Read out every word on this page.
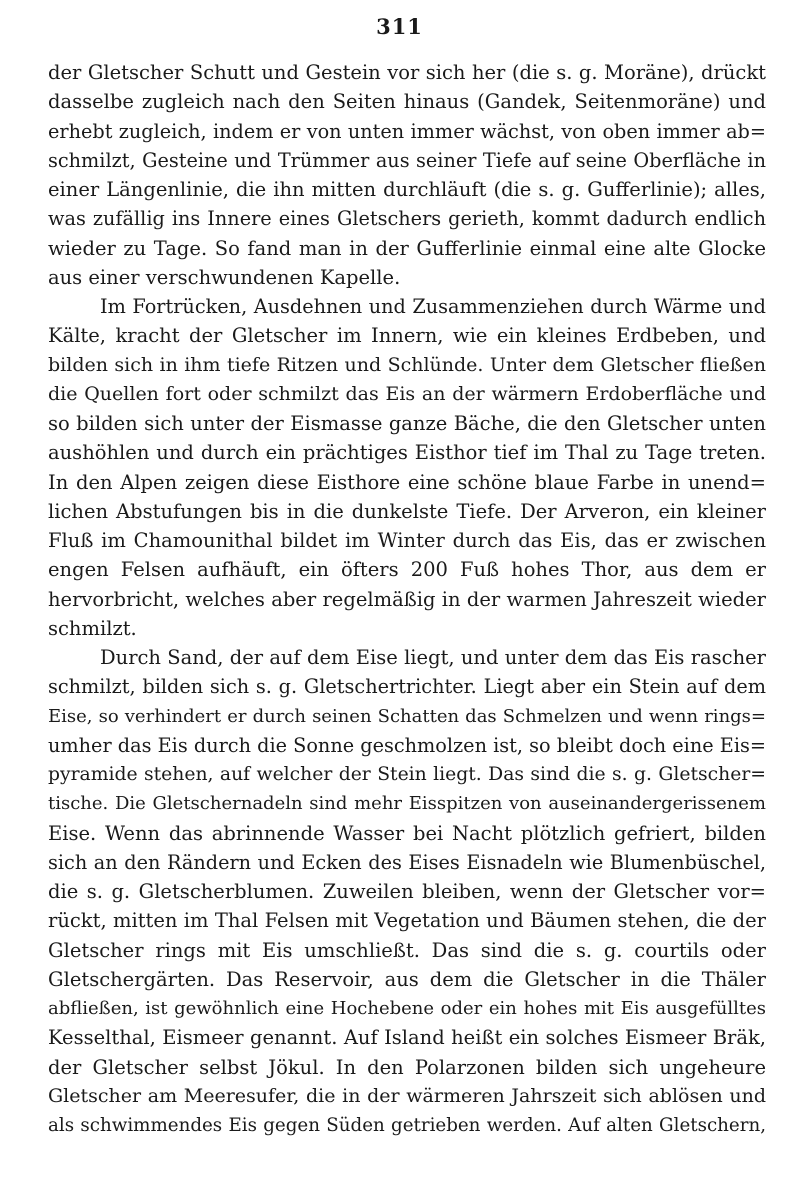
311
der Gletscher Schutt und Gestein vor sich her (die s. g. Moräne), drückt
dasselbe zugleich nach den Seiten hinaus (Gandek, Seitenmoräne) und
erhebt zugleich, indem er von unten immer wächst, von oben immer ab=
schmilzt, Gesteine und Trümmer aus seiner Tiefe auf seine Oberfläche in
einer Längenlinie, die ihn mitten durchläuft (die s. g. Gufferlinie); alles,
was zufällig ins Innere eines Gletschers gerieth, kommt dadurch endlich
wieder zu Tage. So fand man in der Gufferlinie einmal eine alte Glocke
aus einer verschwundenen Kapelle.
Im Fortrücken, Ausdehnen und Zusammenziehen durch Wärme und
Kälte, kracht der Gletscher im Innern, wie ein kleines Erdbeben, und
bilden sich in ihm tiefe Ritzen und Schlünde. Unter dem Gletscher fließen
die Quellen fort oder schmilzt das Eis an der wärmern Erdoberfläche und
so bilden sich unter der Eismasse ganze Bäche, die den Gletscher unten
aushöhlen und durch ein prächtiges Eisthor tief im Thal zu Tage treten.
In den Alpen zeigen diese Eisthore eine schöne blaue Farbe in unend=
lichen Abstufungen bis in die dunkelste Tiefe. Der Arveron, ein kleiner
Fluß im Chamounithal bildet im Winter durch das Eis, das er zwischen
engen Felsen aufhäuft, ein öfters 200 Fuß hohes Thor, aus dem er
hervorbricht, welches aber regelmäßig in der warmen Jahreszeit wieder
schmilzt.
Durch Sand, der auf dem Eise liegt, und unter dem das Eis rascher
schmilzt, bilden sich s. g. Gletschertrichter. Liegt aber ein Stein auf dem
Eise, so verhindert er durch seinen Schatten das Schmelzen und wenn rings=
umher das Eis durch die Sonne geschmolzen ist, so bleibt doch eine Eis=
pyramide stehen, auf welcher der Stein liegt. Das sind die s. g. Gletscher=
tische. Die Gletschernadeln sind mehr Eisspitzen von auseinandergerissenem
Eise. Wenn das abrinnende Wasser bei Nacht plötzlich gefriert, bilden
sich an den Rändern und Ecken des Eises Eisnadeln wie Blumenbüschel,
die s. g. Gletscherblumen. Zuweilen bleiben, wenn der Gletscher vor=
rückt, mitten im Thal Felsen mit Vegetation und Bäumen stehen, die der
Gletscher rings mit Eis umschließt. Das sind die s. g. courtils oder
Gletschergärten. Das Reservoir, aus dem die Gletscher in die Thäler
abfließen, ist gewöhnlich eine Hochebene oder ein hohes mit Eis ausgefülltes
Kesselthal, Eismeer genannt. Auf Island heißt ein solches Eismeer Bräk,
der Gletscher selbst Jökul. In den Polarzonen bilden sich ungeheure
Gletscher am Meeresufer, die in der wärmeren Jahrszeit sich ablösen und
als schwimmendes Eis gegen Süden getrieben werden. Auf alten Gletschern,
